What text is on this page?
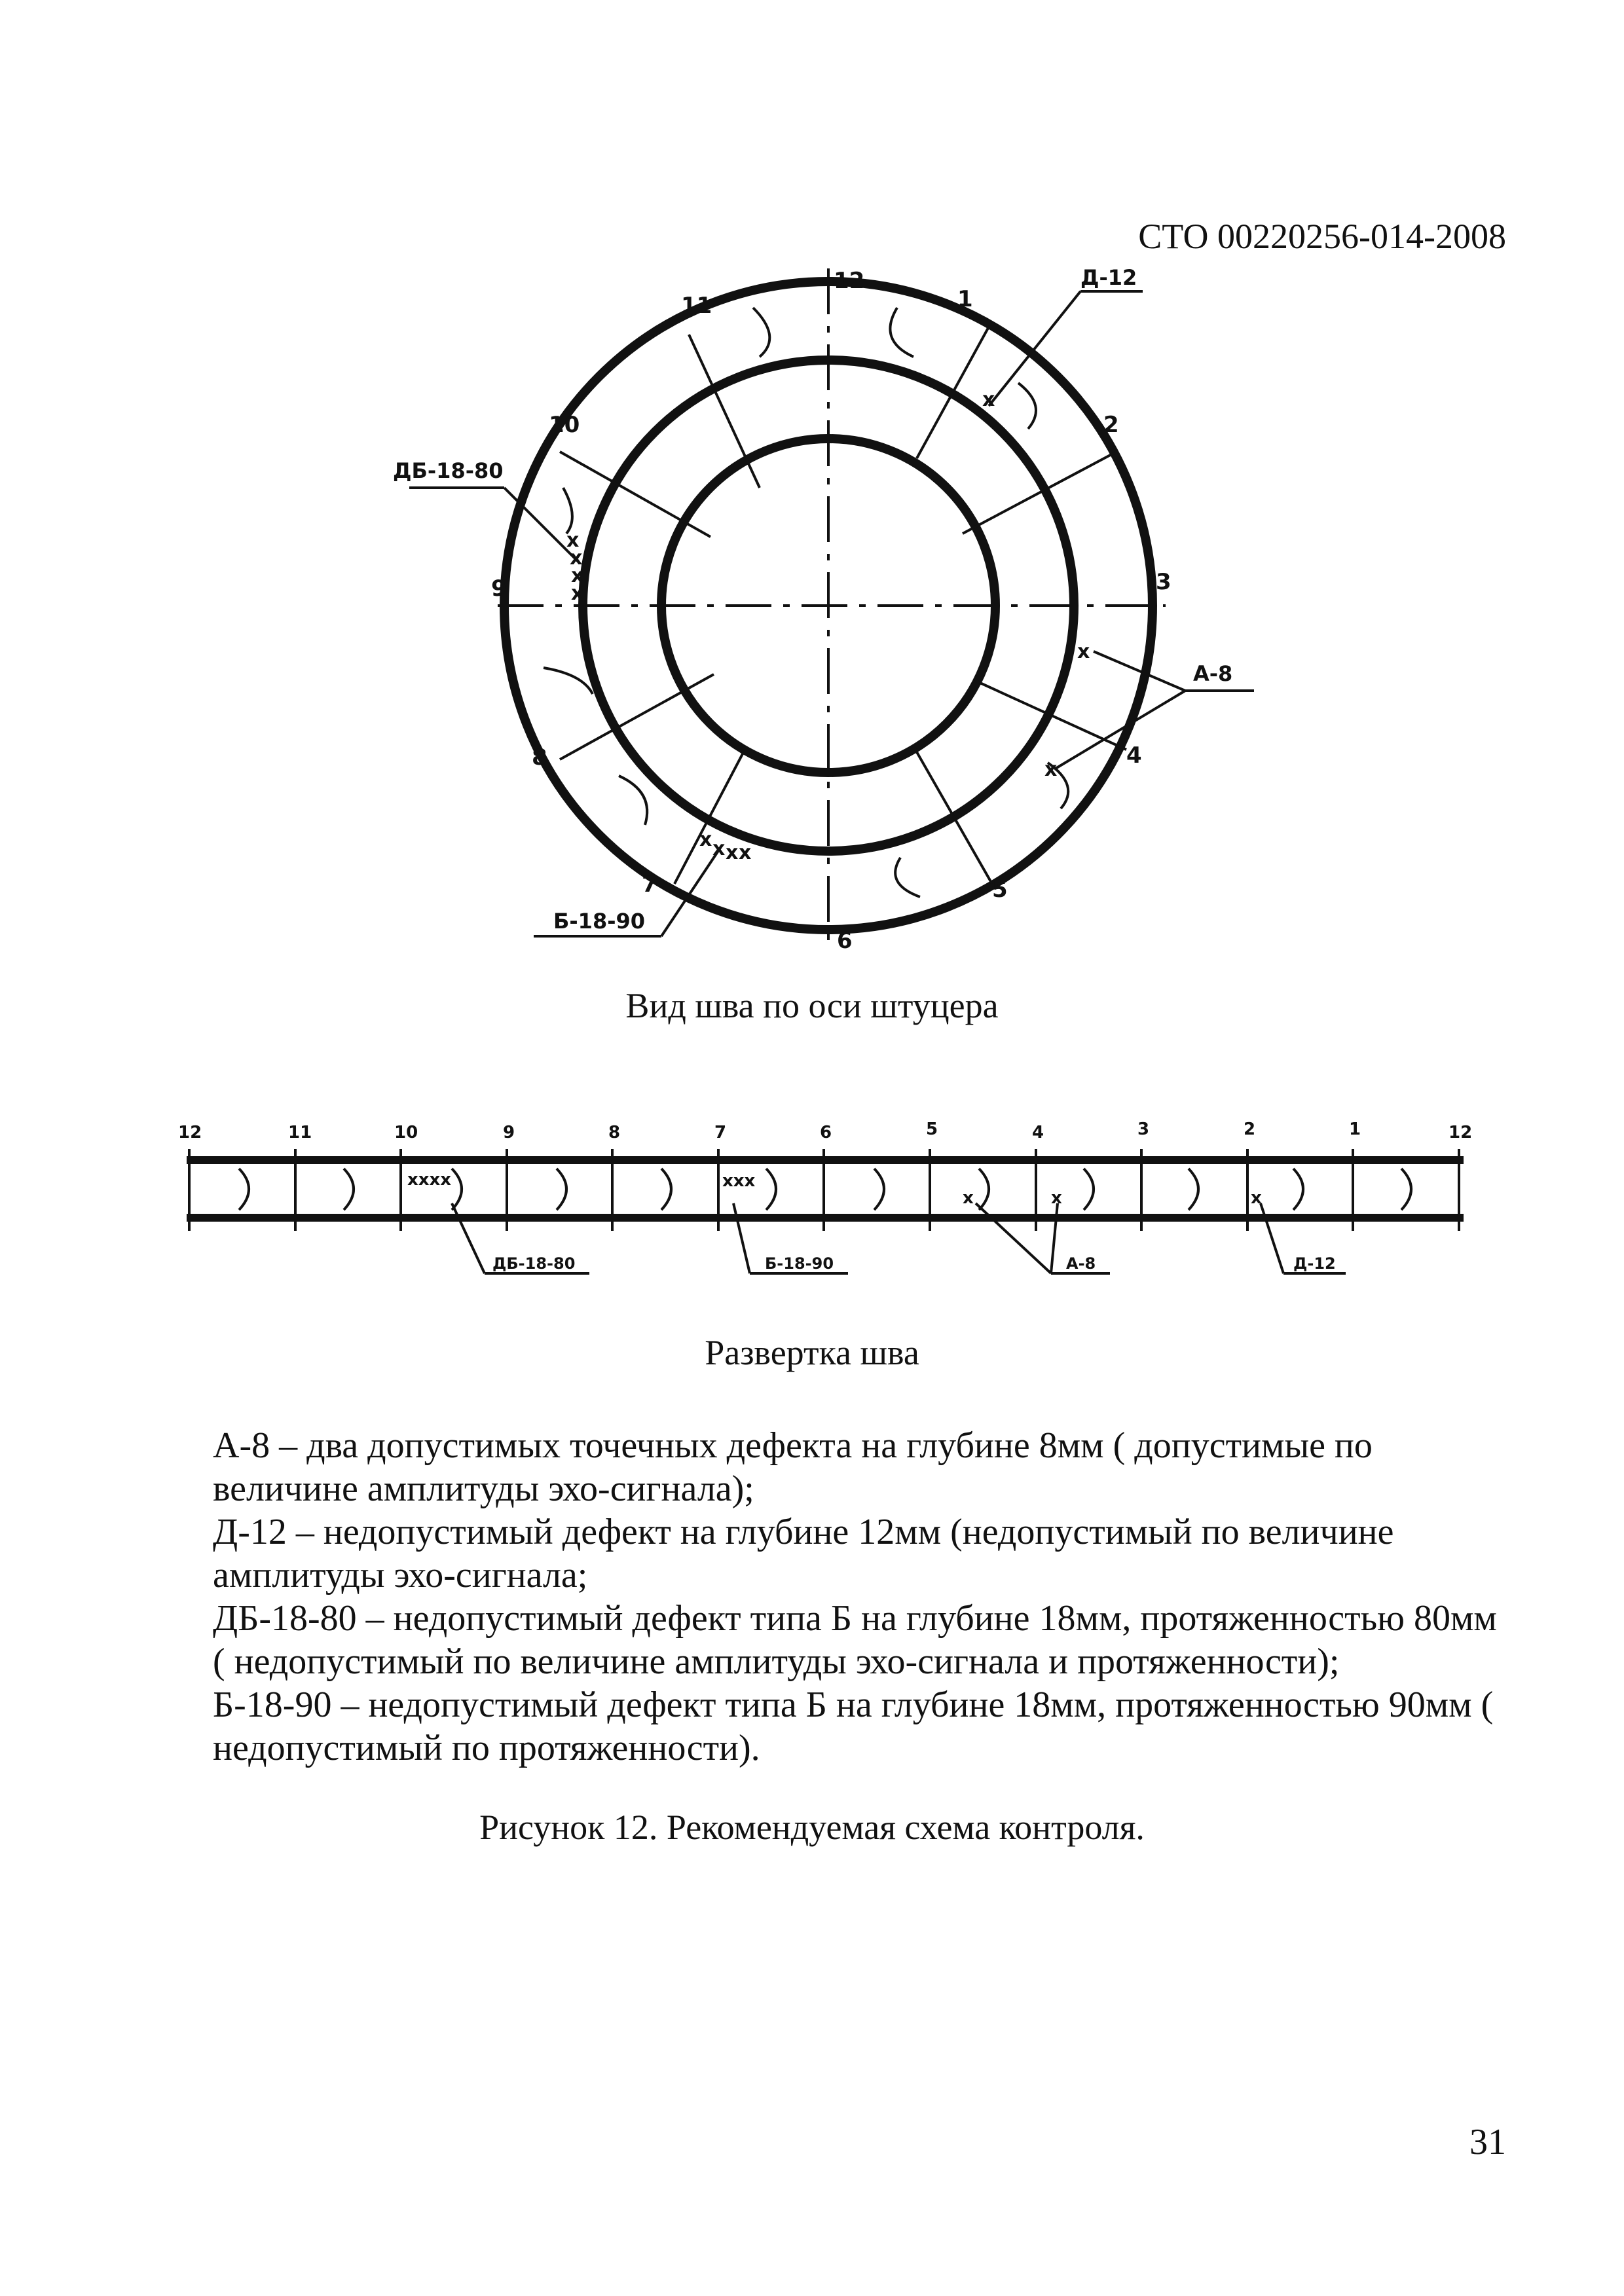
СТО 00220256-014-2008
12
1
2
3
4
5
6
7
8
9
10
11
x
x
x
x
x
x
x
x x x x
Д-12
ДБ-18-80
А-8
Б-18-90
12	11	10	9	8	7	6	5	4	3	2	1	12
xxxx	xxx
x	x	x
ДБ-18-80	Б-18-90	А-8	Д-12
Вид шва по оси штуцера
Развертка шва
А-8 – два допустимых точечных дефекта на глубине 8мм ( допустимые по величине амплитуды эхо-сигнала);
Д-12 – недопустимый дефект на глубине 12мм (недопустимый по величине амплитуды эхо-сигнала;
ДБ-18-80 – недопустимый дефект типа Б на глубине 18мм, протяженностью 80мм ( недопустимый по величине амплитуды эхо-сигнала и протяженности);
Б-18-90 – недопустимый дефект типа Б на глубине 18мм, протяженностью 90мм ( недопустимый по протяженности).
Рисунок 12. Рекомендуемая схема контроля.
31
